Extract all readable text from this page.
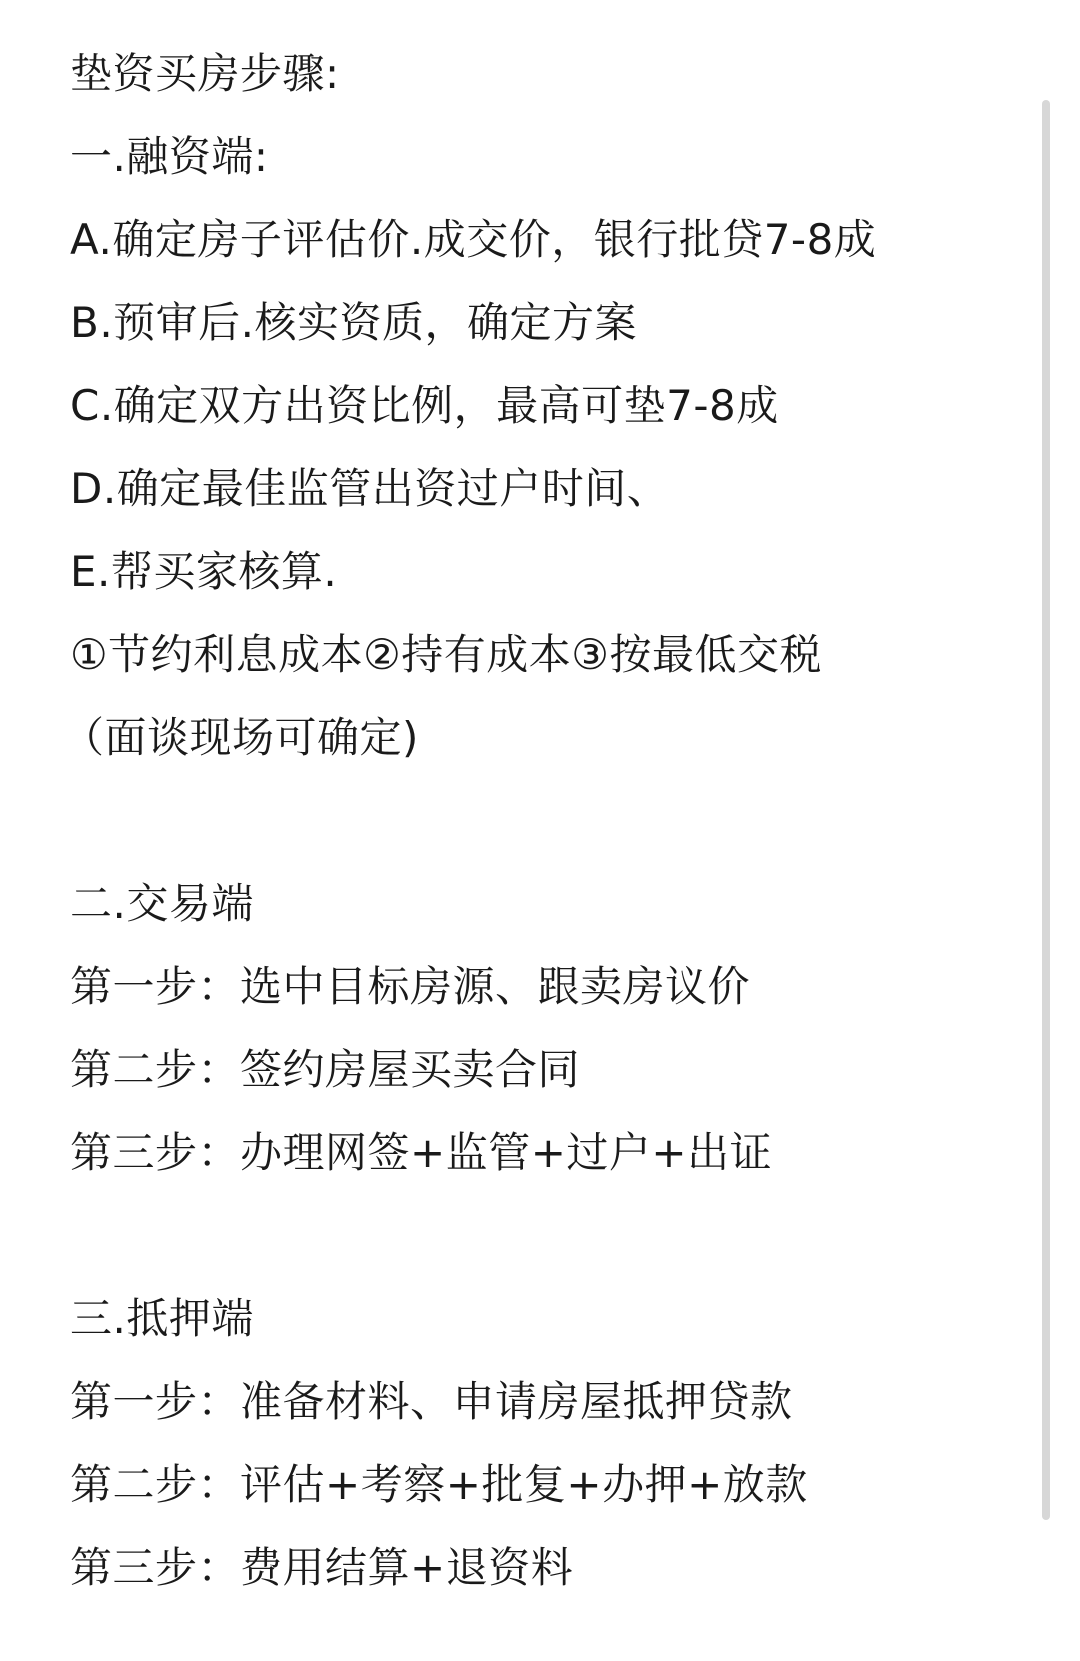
垫资买房步骤:
一.融资端:
A.确定房子评估价.成交价，银行批贷7-8成
B.预审后.核实资质，确定方案
C.确定双方出资比例，最高可垫7-8成
D.确定最佳监管出资过户时间、
E.帮买家核算.
①节约利息成本②持有成本③按最低交税
（面谈现场可确定)
二.交易端
第一步：选中目标房源、跟卖房议价
第二步：签约房屋买卖合同
第三步：办理网签+监管+过户+出证
三.抵押端
第一步：准备材料、申请房屋抵押贷款
第二步：评估+考察+批复+办押+放款
第三步：费用结算+退资料
